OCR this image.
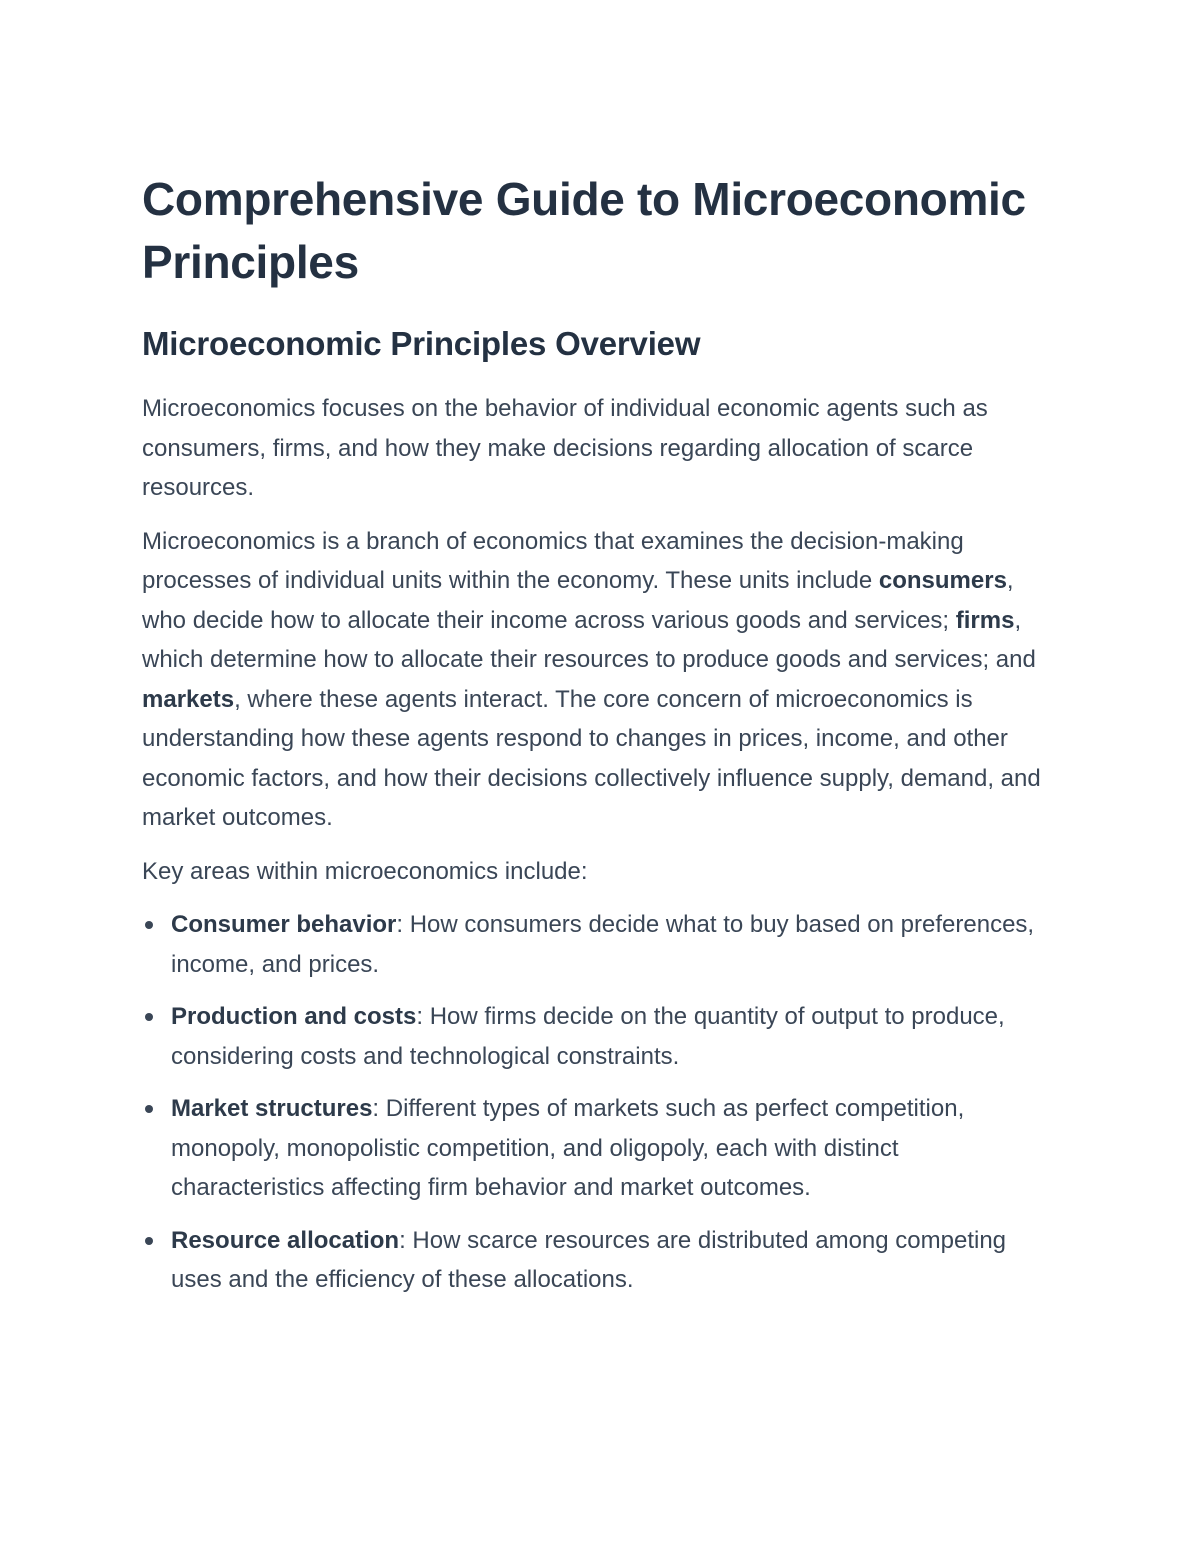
Comprehensive Guide to Microeconomic Principles
Microeconomic Principles Overview

Microeconomics focuses on the behavior of individual economic agents such as consumers, firms, and how they make decisions regarding allocation of scarce resources.

Microeconomics is a branch of economics that examines the decision-making processes of individual units within the economy. These units include consumers, who decide how to allocate their income across various goods and services; firms, which determine how to allocate their resources to produce goods and services; and markets, where these agents interact. The core concern of microeconomics is understanding how these agents respond to changes in prices, income, and other economic factors, and how their decisions collectively influence supply, demand, and market outcomes.

Key areas within microeconomics include:

Consumer behavior: How consumers decide what to buy based on preferences, income, and prices.
Production and costs: How firms decide on the quantity of output to produce, considering costs and technological constraints.
Market structures: Different types of markets such as perfect competition, monopoly, monopolistic competition, and oligopoly, each with distinct characteristics affecting firm behavior and market outcomes.
Resource allocation: How scarce resources are distributed among competing uses and the efficiency of these allocations.
